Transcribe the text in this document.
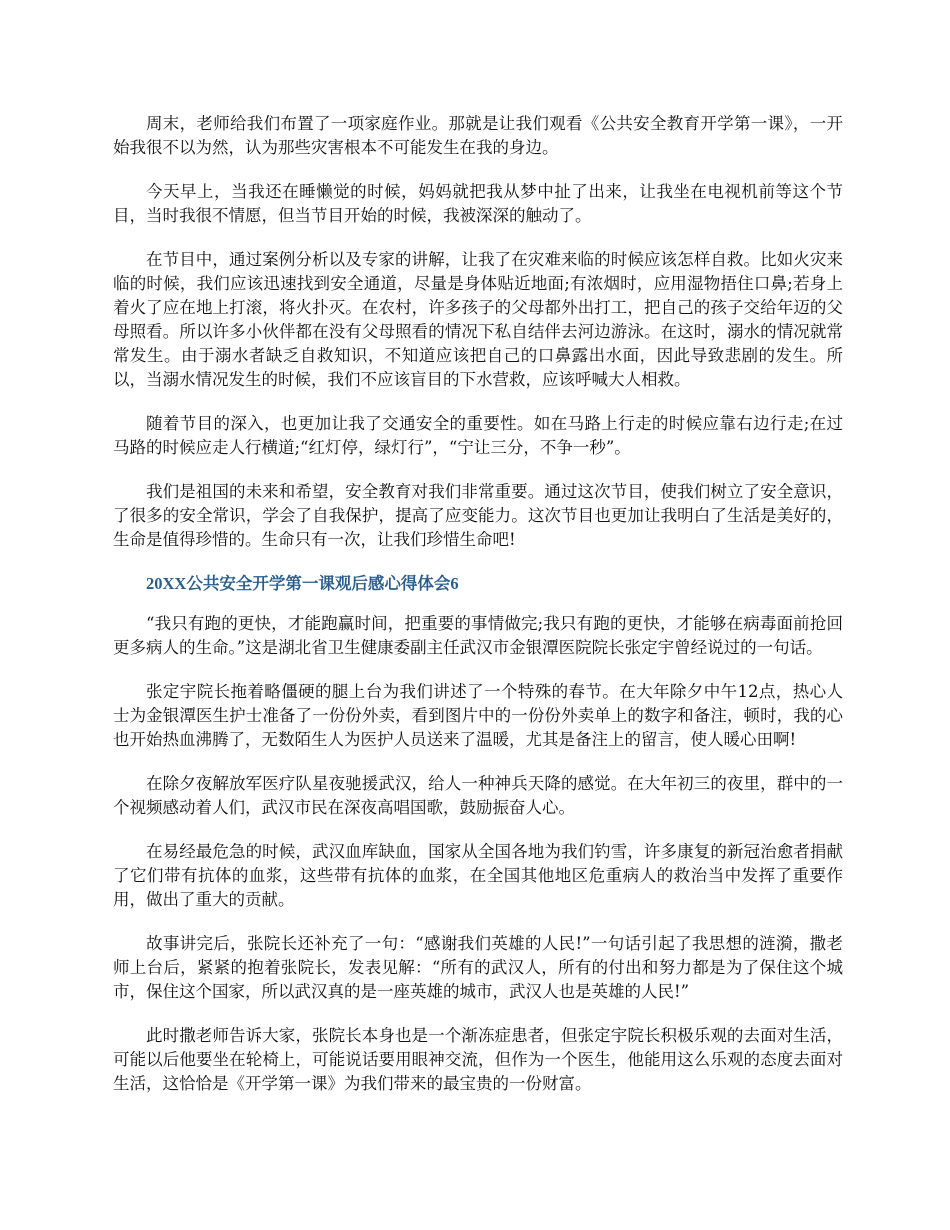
周末，老师给我们布置了一项家庭作业。那就是让我们观看《公共安全教育开学第一课》，一开始我很不以为然，认为那些灾害根本不可能发生在我的身边。

今天早上，当我还在睡懒觉的时候，妈妈就把我从梦中扯了出来，让我坐在电视机前等这个节目，当时我很不情愿，但当节目开始的时候，我被深深的触动了。

在节目中，通过案例分析以及专家的讲解，让我了在灾难来临的时候应该怎样自救。比如火灾来临的时候，我们应该迅速找到安全通道，尽量是身体贴近地面;有浓烟时，应用湿物捂住口鼻;若身上着火了应在地上打滚，将火扑灭。在农村，许多孩子的父母都外出打工，把自己的孩子交给年迈的父母照看。所以许多小伙伴都在没有父母照看的情况下私自结伴去河边游泳。在这时，溺水的情况就常常发生。由于溺水者缺乏自救知识，不知道应该把自己的口鼻露出水面，因此导致悲剧的发生。所以，当溺水情况发生的时候，我们不应该盲目的下水营救，应该呼喊大人相救。

随着节目的深入，也更加让我了交通安全的重要性。如在马路上行走的时候应靠右边行走;在过马路的时候应走人行横道;“红灯停，绿灯行”，“宁让三分，不争一秒”。

我们是祖国的未来和希望，安全教育对我们非常重要。通过这次节目，使我们树立了安全意识，了很多的安全常识，学会了自我保护，提高了应变能力。这次节目也更加让我明白了生活是美好的，生命是值得珍惜的。生命只有一次，让我们珍惜生命吧!

20XX公共安全开学第一课观后感心得体会6

“我只有跑的更快，才能跑赢时间，把重要的事情做完;我只有跑的更快，才能够在病毒面前抢回更多病人的生命。”这是湖北省卫生健康委副主任武汉市金银潭医院院长张定宇曾经说过的一句话。

张定宇院长拖着略僵硬的腿上台为我们讲述了一个特殊的春节。在大年除夕中午12点，热心人士为金银潭医生护士准备了一份份外卖，看到图片中的一份份外卖单上的数字和备注，顿时，我的心也开始热血沸腾了，无数陌生人为医护人员送来了温暖，尤其是备注上的留言，使人暖心田啊!

在除夕夜解放军医疗队星夜驰援武汉，给人一种神兵天降的感觉。在大年初三的夜里，群中的一个视频感动着人们，武汉市民在深夜高唱国歌，鼓励振奋人心。

在易经最危急的时候，武汉血库缺血，国家从全国各地为我们钓雪，许多康复的新冠治愈者捐献了它们带有抗体的血浆，这些带有抗体的血浆，在全国其他地区危重病人的救治当中发挥了重要作用，做出了重大的贡献。

故事讲完后，张院长还补充了一句：“感谢我们英雄的人民!”一句话引起了我思想的涟漪，撒老师上台后，紧紧的抱着张院长，发表见解：“所有的武汉人，所有的付出和努力都是为了保住这个城市，保住这个国家，所以武汉真的是一座英雄的城市，武汉人也是英雄的人民!”

此时撒老师告诉大家，张院长本身也是一个渐冻症患者，但张定宇院长积极乐观的去面对生活，可能以后他要坐在轮椅上，可能说话要用眼神交流，但作为一个医生，他能用这么乐观的态度去面对生活，这恰恰是《开学第一课》为我们带来的最宝贵的一份财富。
